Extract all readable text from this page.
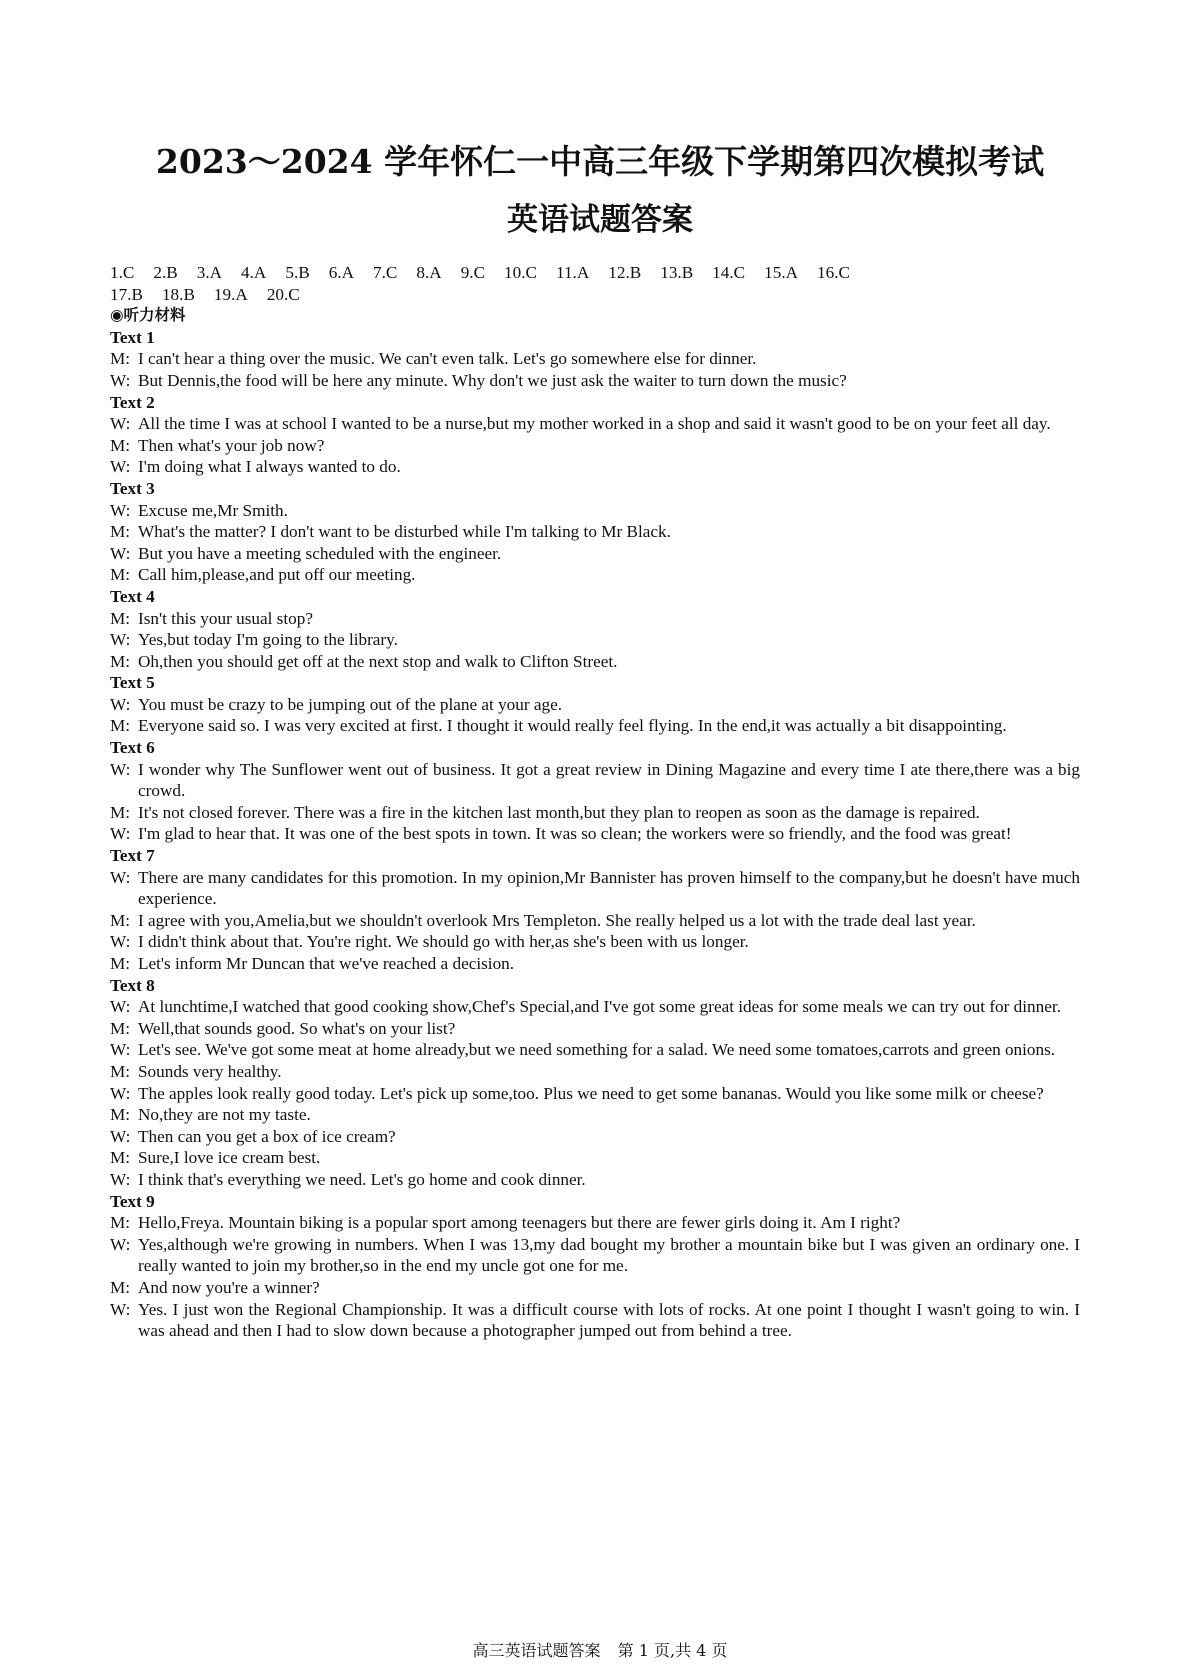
2023～2024 学年怀仁一中高三年级下学期第四次模拟考试
英语试题答案
1.C 2.B 3.A 4.A 5.B 6.A 7.C 8.A 9.C 10.C 11.A 12.B 13.B 14.C 15.A 16.C
17.B 18.B 19.A 20.C
◉听力材料
Text 1
M: I can't hear a thing over the music. We can't even talk. Let's go somewhere else for dinner.
W: But Dennis,the food will be here any minute. Why don't we just ask the waiter to turn down the music?
Text 2
W: All the time I was at school I wanted to be a nurse,but my mother worked in a shop and said it wasn't good to be on your feet all day.
M: Then what's your job now?
W: I'm doing what I always wanted to do.
Text 3
W: Excuse me,Mr Smith.
M: What's the matter? I don't want to be disturbed while I'm talking to Mr Black.
W: But you have a meeting scheduled with the engineer.
M: Call him,please,and put off our meeting.
Text 4
M: Isn't this your usual stop?
W: Yes,but today I'm going to the library.
M: Oh,then you should get off at the next stop and walk to Clifton Street.
Text 5
W: You must be crazy to be jumping out of the plane at your age.
M: Everyone said so. I was very excited at first. I thought it would really feel flying. In the end,it was actually a bit disappointing.
Text 6
W: I wonder why The Sunflower went out of business. It got a great review in Dining Magazine and every time I ate there,there was a big crowd.
M: It's not closed forever. There was a fire in the kitchen last month,but they plan to reopen as soon as the damage is repaired.
W: I'm glad to hear that. It was one of the best spots in town. It was so clean; the workers were so friendly, and the food was great!
Text 7
W: There are many candidates for this promotion. In my opinion,Mr Bannister has proven himself to the company,but he doesn't have much experience.
M: I agree with you,Amelia,but we shouldn't overlook Mrs Templeton. She really helped us a lot with the trade deal last year.
W: I didn't think about that. You're right. We should go with her,as she's been with us longer.
M: Let's inform Mr Duncan that we've reached a decision.
Text 8
W: At lunchtime,I watched that good cooking show,Chef's Special,and I've got some great ideas for some meals we can try out for dinner.
M: Well,that sounds good. So what's on your list?
W: Let's see. We've got some meat at home already,but we need something for a salad. We need some tomatoes,carrots and green onions.
M: Sounds very healthy.
W: The apples look really good today. Let's pick up some,too. Plus we need to get some bananas. Would you like some milk or cheese?
M: No,they are not my taste.
W: Then can you get a box of ice cream?
M: Sure,I love ice cream best.
W: I think that's everything we need. Let's go home and cook dinner.
Text 9
M: Hello,Freya. Mountain biking is a popular sport among teenagers but there are fewer girls doing it. Am I right?
W: Yes,although we're growing in numbers. When I was 13,my dad bought my brother a mountain bike but I was given an ordinary one. I really wanted to join my brother,so in the end my uncle got one for me.
M: And now you're a winner?
W: Yes. I just won the Regional Championship. It was a difficult course with lots of rocks. At one point I thought I wasn't going to win. I was ahead and then I had to slow down because a photographer jumped out from behind a tree.
高三英语试题答案 第 1 页,共 4 页
